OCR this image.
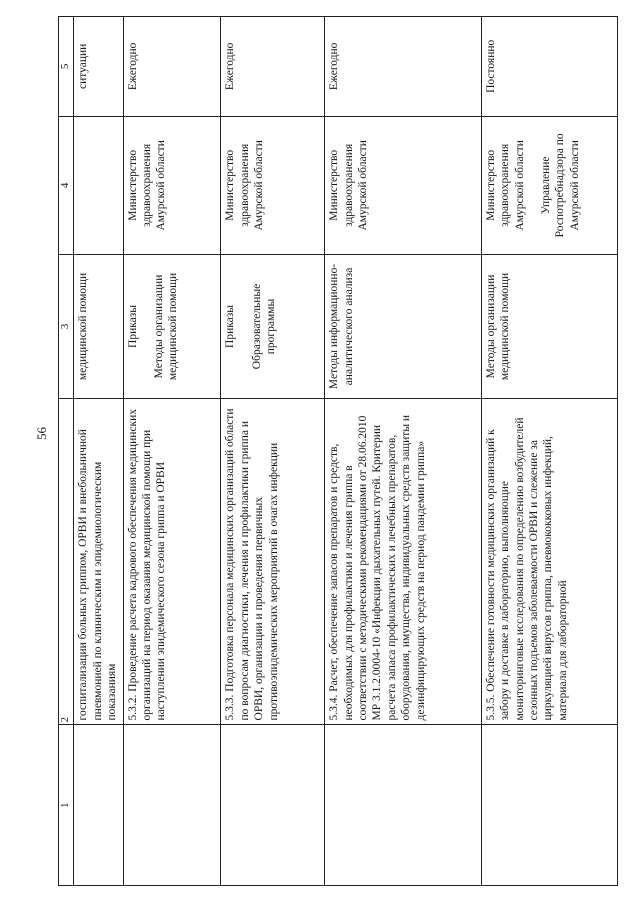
56
1	2	3	4	5
	госпитализации больных гриппом, ОРВИ и внебольничной пневмонией по клиническим и эпидемиологическим показаниям	медицинской помощи		ситуации
	5.3.2. Проведение расчета кадрового обеспечения медицинских организаций на период оказания медицинской помощи при наступлении эпидемического сезона гриппа и ОРВИ	Приказы Методы организации медицинской помощи	Министерство здравоохранения Амурской области	Ежегодно
	5.3.3. Подготовка персонала медицинских организаций области по вопросам диагностики, лечения и профилактики гриппа и ОРВИ, организации и проведения первичных противоэпидемических мероприятий в очагах инфекции	Приказы Образовательные программы	Министерство здравоохранения Амурской области	Ежегодно
	5.3.4. Расчет, обеспечение запасов препаратов и средств, необходимых для профилактики и лечения гриппа в соответствии с методическими рекомендациями от 28.06.2010 МР 3.1.2.0004-10 «Инфекции дыхательных путей. Критерии расчета запаса профилактических и лечебных препаратов, оборудования, имущества, индивидуальных средств защиты и дезинфицирующих средств на период пандемии гриппа»	Методы информационно-аналитического анализа	Министерство здравоохранения Амурской области	Ежегодно
	5.3.5. Обеспечение готовности медицинских организаций к забору и доставке в лабораторию, выполняющие мониторинговые исследования по определению возбудителей сезонных подъемов заболеваемости ОРВИ и слежение за циркуляцией вирусов гриппа, пневмококковых инфекций, материала для лабораторной	Методы организации медицинской помощи	Министерство здравоохранения Амурской области Управление Роспотребнадзора по Амурской области	Постоянно
